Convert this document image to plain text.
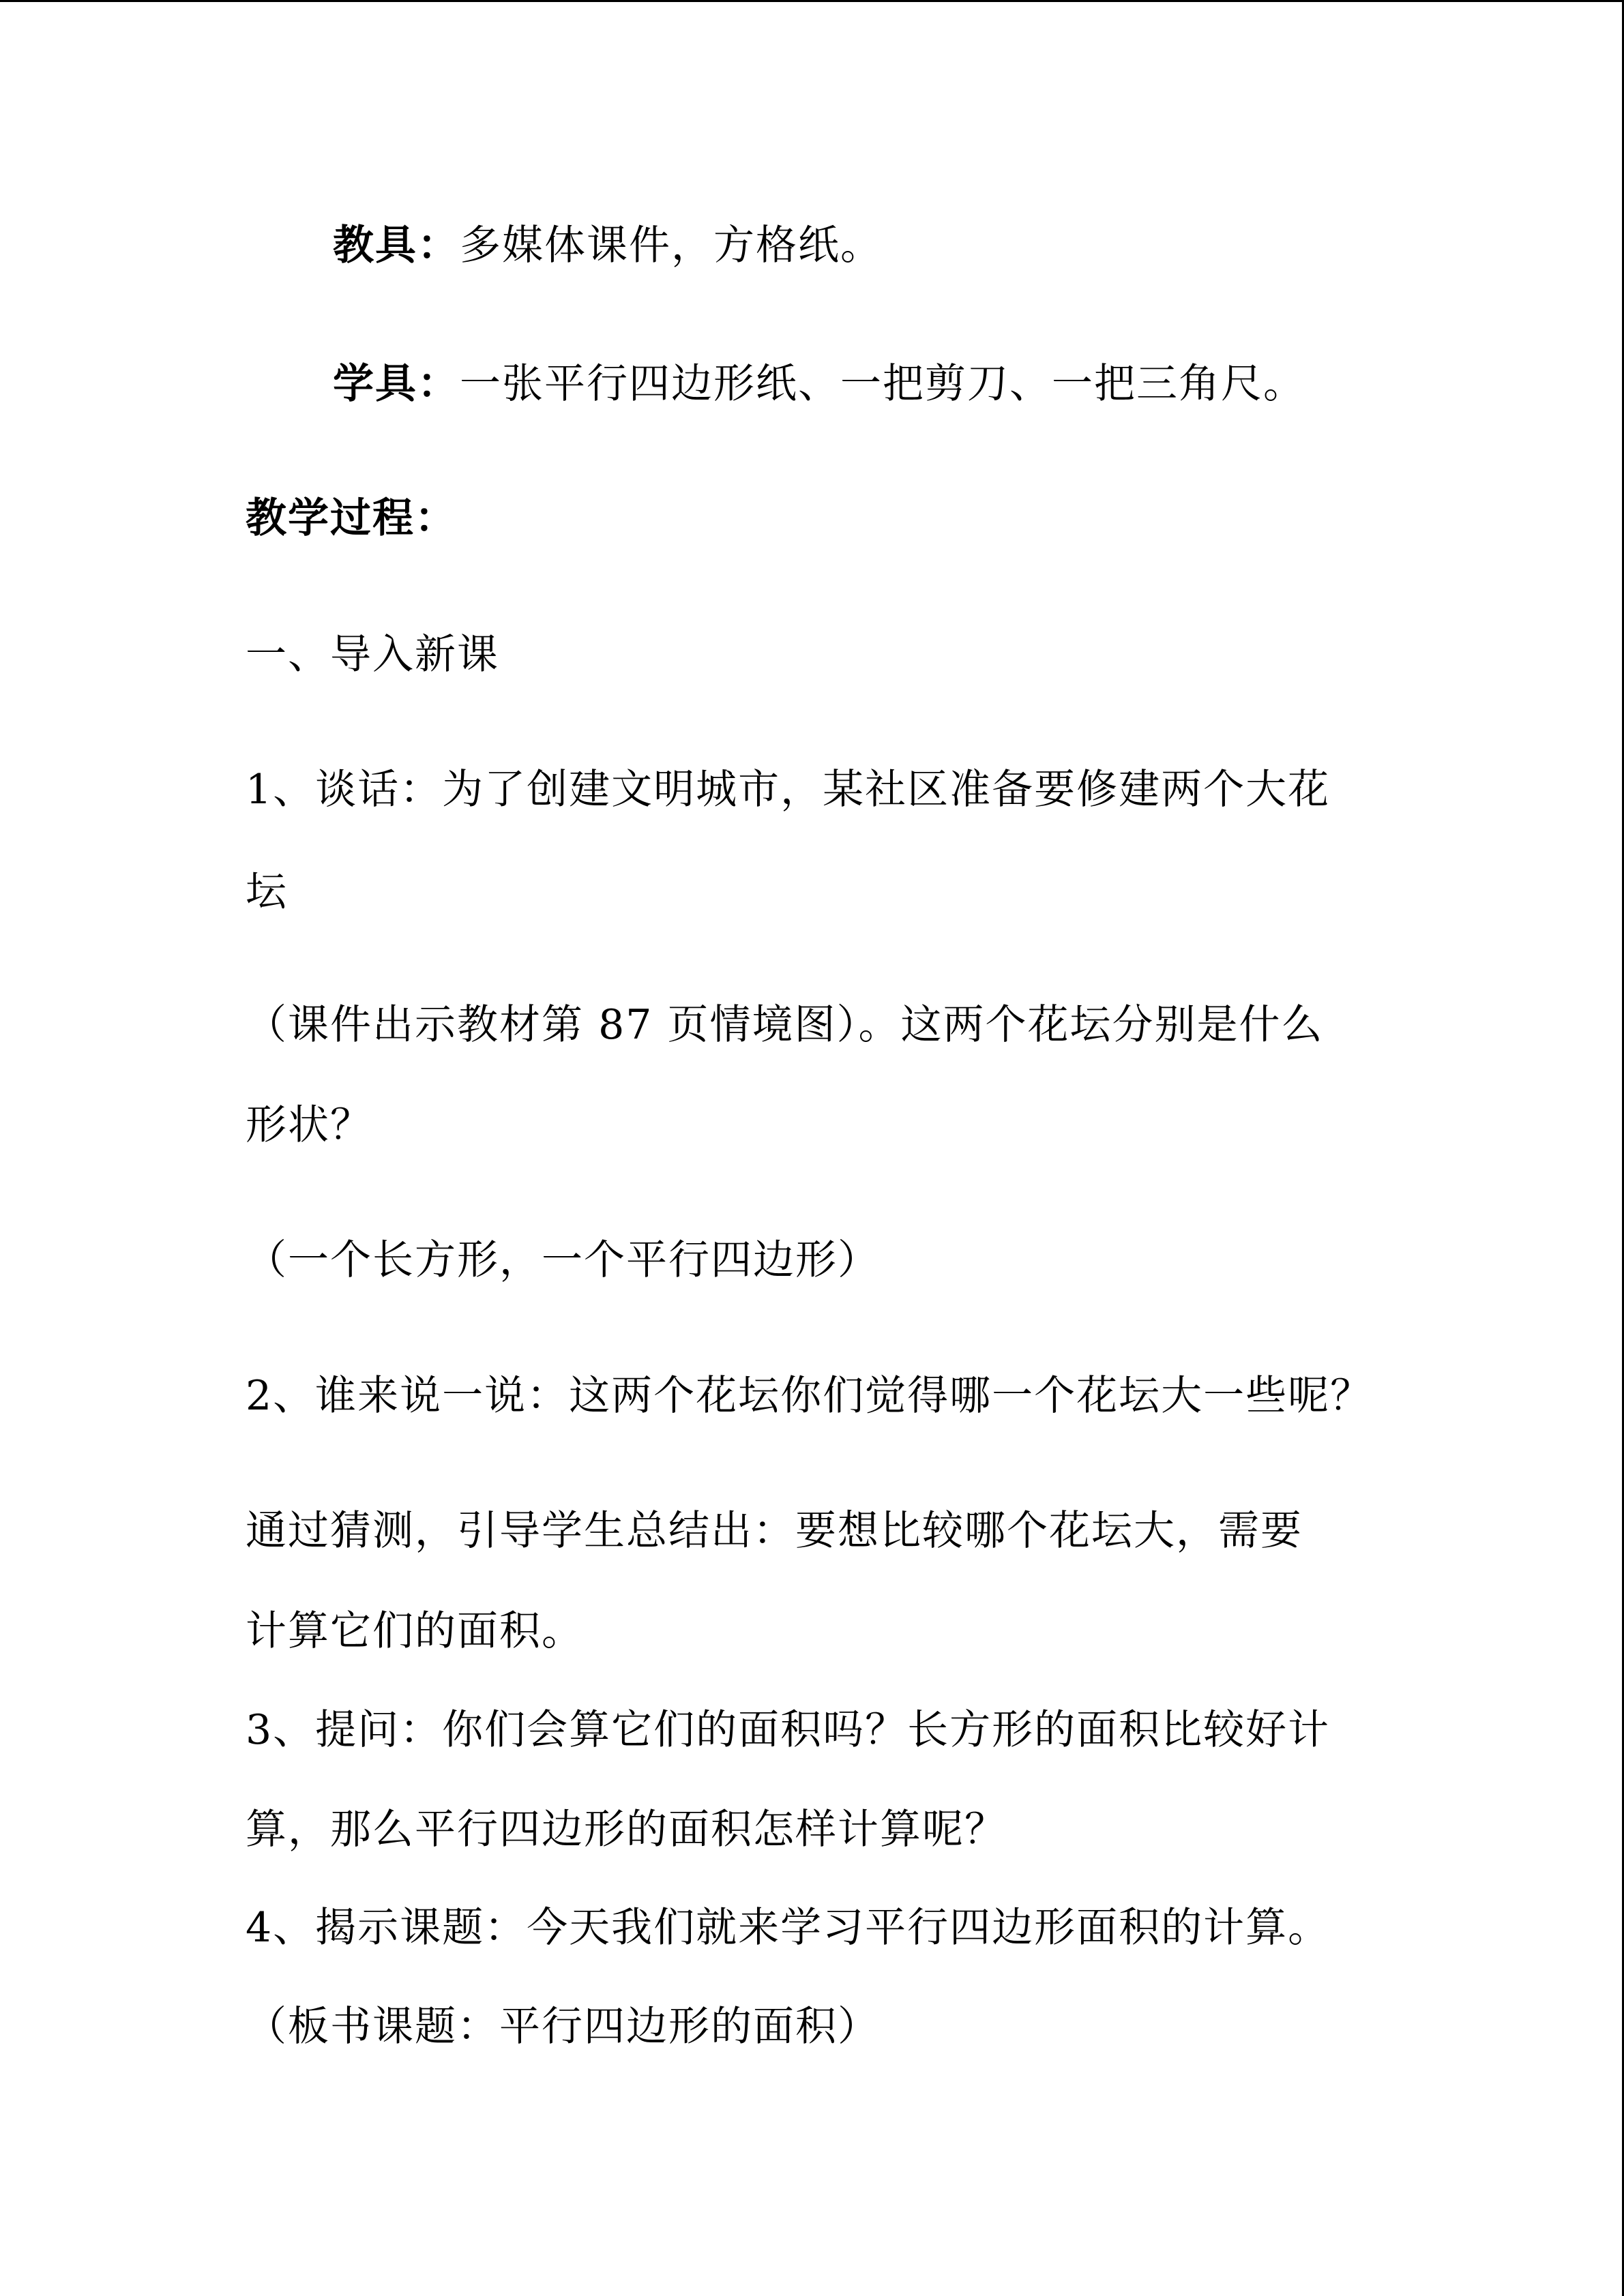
教具：多媒体课件，方格纸。
学具：一张平行四边形纸、一把剪刀、一把三角尺。
教学过程：
一、导入新课
1、谈话：为了创建文明城市，某社区准备要修建两个大花
坛
（课件出示教材第 87 页情境图）。这两个花坛分别是什么
形状？
（一个长方形，一个平行四边形）
2、谁来说一说：这两个花坛你们觉得哪一个花坛大一些呢？
通过猜测，引导学生总结出：要想比较哪个花坛大，需要
计算它们的面积。
3、提问：你们会算它们的面积吗？长方形的面积比较好计
算，那么平行四边形的面积怎样计算呢？
4、揭示课题：今天我们就来学习平行四边形面积的计算。
（板书课题：平行四边形的面积）
